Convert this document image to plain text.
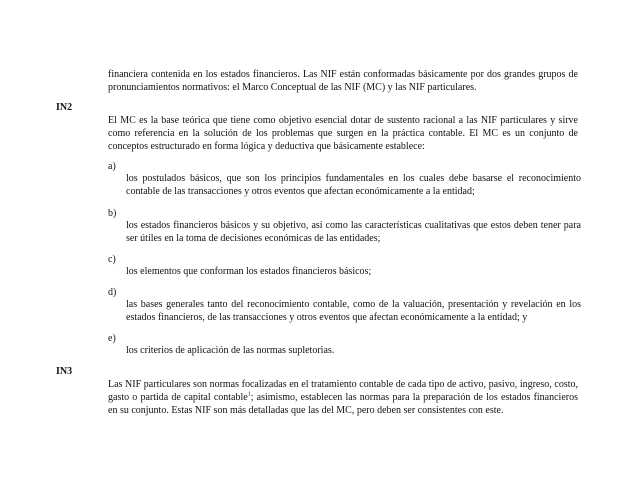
financiera contenida en los estados financieros. Las NIF están conformadas básicamente por dos grandes grupos de pronunciamientos normativos: el Marco Conceptual de las NIF (MC) y las NIF particulares.

IN2

El MC es la base teórica que tiene como objetivo esencial dotar de sustento racional a las NIF particulares y sirve como referencia en la solución de los problemas que surgen en la práctica contable. El MC es un conjunto de conceptos estructurado en forma lógica y deductiva que básicamente establece:

a)

los postulados básicos, que son los principios fundamentales en los cuales debe basarse el reconocimiento contable de las transacciones y otros eventos que afectan económicamente a la entidad;

b)

los estados financieros básicos y su objetivo, así como las características cualitativas que estos deben tener para ser útiles en la toma de decisiones económicas de las entidades;

c)

los elementos que conforman los estados financieros básicos;

d)

las bases generales tanto del reconocimiento contable, como de la valuación, presentación y revelación en los estados financieros, de las transacciones y otros eventos que afectan económicamente a la entidad; y

e)

los criterios de aplicación de las normas supletorias.

IN3

Las NIF particulares son normas focalizadas en el tratamiento contable de cada tipo de activo, pasivo, ingreso, costo, gasto o partida de capital contable$^1$; asimismo, establecen las normas para la preparación de los estados financieros en su conjunto. Estas NIF son más detalladas que las del MC, pero deben ser consistentes con este.
